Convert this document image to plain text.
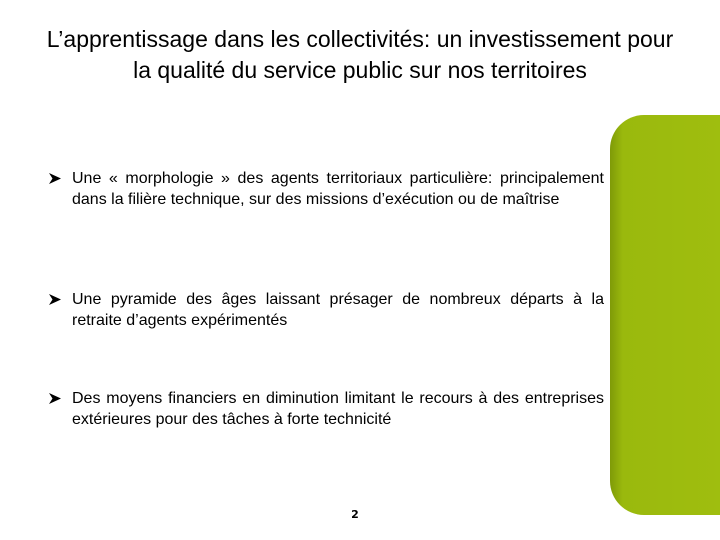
L’apprentissage dans les collectivités: un investissement pour la qualité du service public sur nos territoires
Une « morphologie » des agents territoriaux particulière: principalement dans la filière technique, sur des missions d’exécution ou de maîtrise
Une pyramide des âges laissant présager de nombreux départs à la retraite d’agents expérimentés
Des moyens financiers en diminution limitant le recours à des entreprises extérieures pour des tâches à forte technicité
2
